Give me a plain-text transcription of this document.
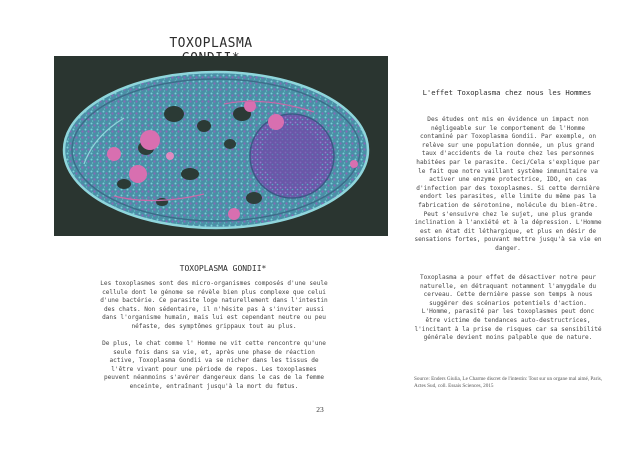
TOXOPLASMA
TOXOPLASMA GONDII*

Les toxoplasmes sont des micro-organismes composés d'une seule cellule dont le génome se révèle bien plus complexe que celui d'une bactérie. Ce parasite loge naturellement dans l'intestin des chats. Non sédentaire, il n'hésite pas à s'inviter aussi dans l'organisme humain, mais lui est cependant neutre ou peu néfaste, des symptômes grippaux tout au plus.

De plus, le chat comme l' Homme ne vit cette rencontre qu'une seule fois dans sa vie, et, après une phase de réaction active, Toxoplasma Gondii va se nicher dans les tissus de l'être vivant pour une période de repos. Les toxoplasmes peuvent néanmoins s'avérer dangereux dans le cas de la femme enceinte, entraînant jusqu'à la mort du fœtus.

L'effet Toxoplasma chez nous les Hommes

Des études ont mis en évidence un impact non négligeable sur le comportement de l'Homme contaminé par Toxoplasma Gondii. Par exemple, on relève sur une population donnée, un plus grand taux d'accidents de la route chez les personnes habitées par le parasite. Ceci/Cela s'explique par le fait que notre vaillant système immunitaire va activer une enzyme protectrice, IDO, en cas d'infection par des toxoplasmes. Si cette dernière endort les parasites, elle limite du même pas la fabrication de sérotonine, molécule du bien-être. Peut s'ensuivre chez le sujet, une plus grande inclination à l'anxiété et à la dépression. L'Homme est en état dit léthargique, et plus en désir de sensations fortes, pouvant mettre jusqu'à sa vie en danger.

Toxoplasma a pour effet de désactiver notre peur naturelle, en détraquant notamment l'amygdale du cerveau. Cette dernière passe son temps à nous suggérer des scénarios potentiels d'action. L'Homme, parasité par les toxoplasmes peut donc être victime de tendances auto-destructrices, l'incitant à la prise de risques car sa sensibilité générale devient moins palpable que de nature.

Source: Enders Giulia, Le Charme discret de l'intestin: Tout sur un organe mal aimé, Paris, Actes Sud, coll. Essais Sciences, 2015
23
